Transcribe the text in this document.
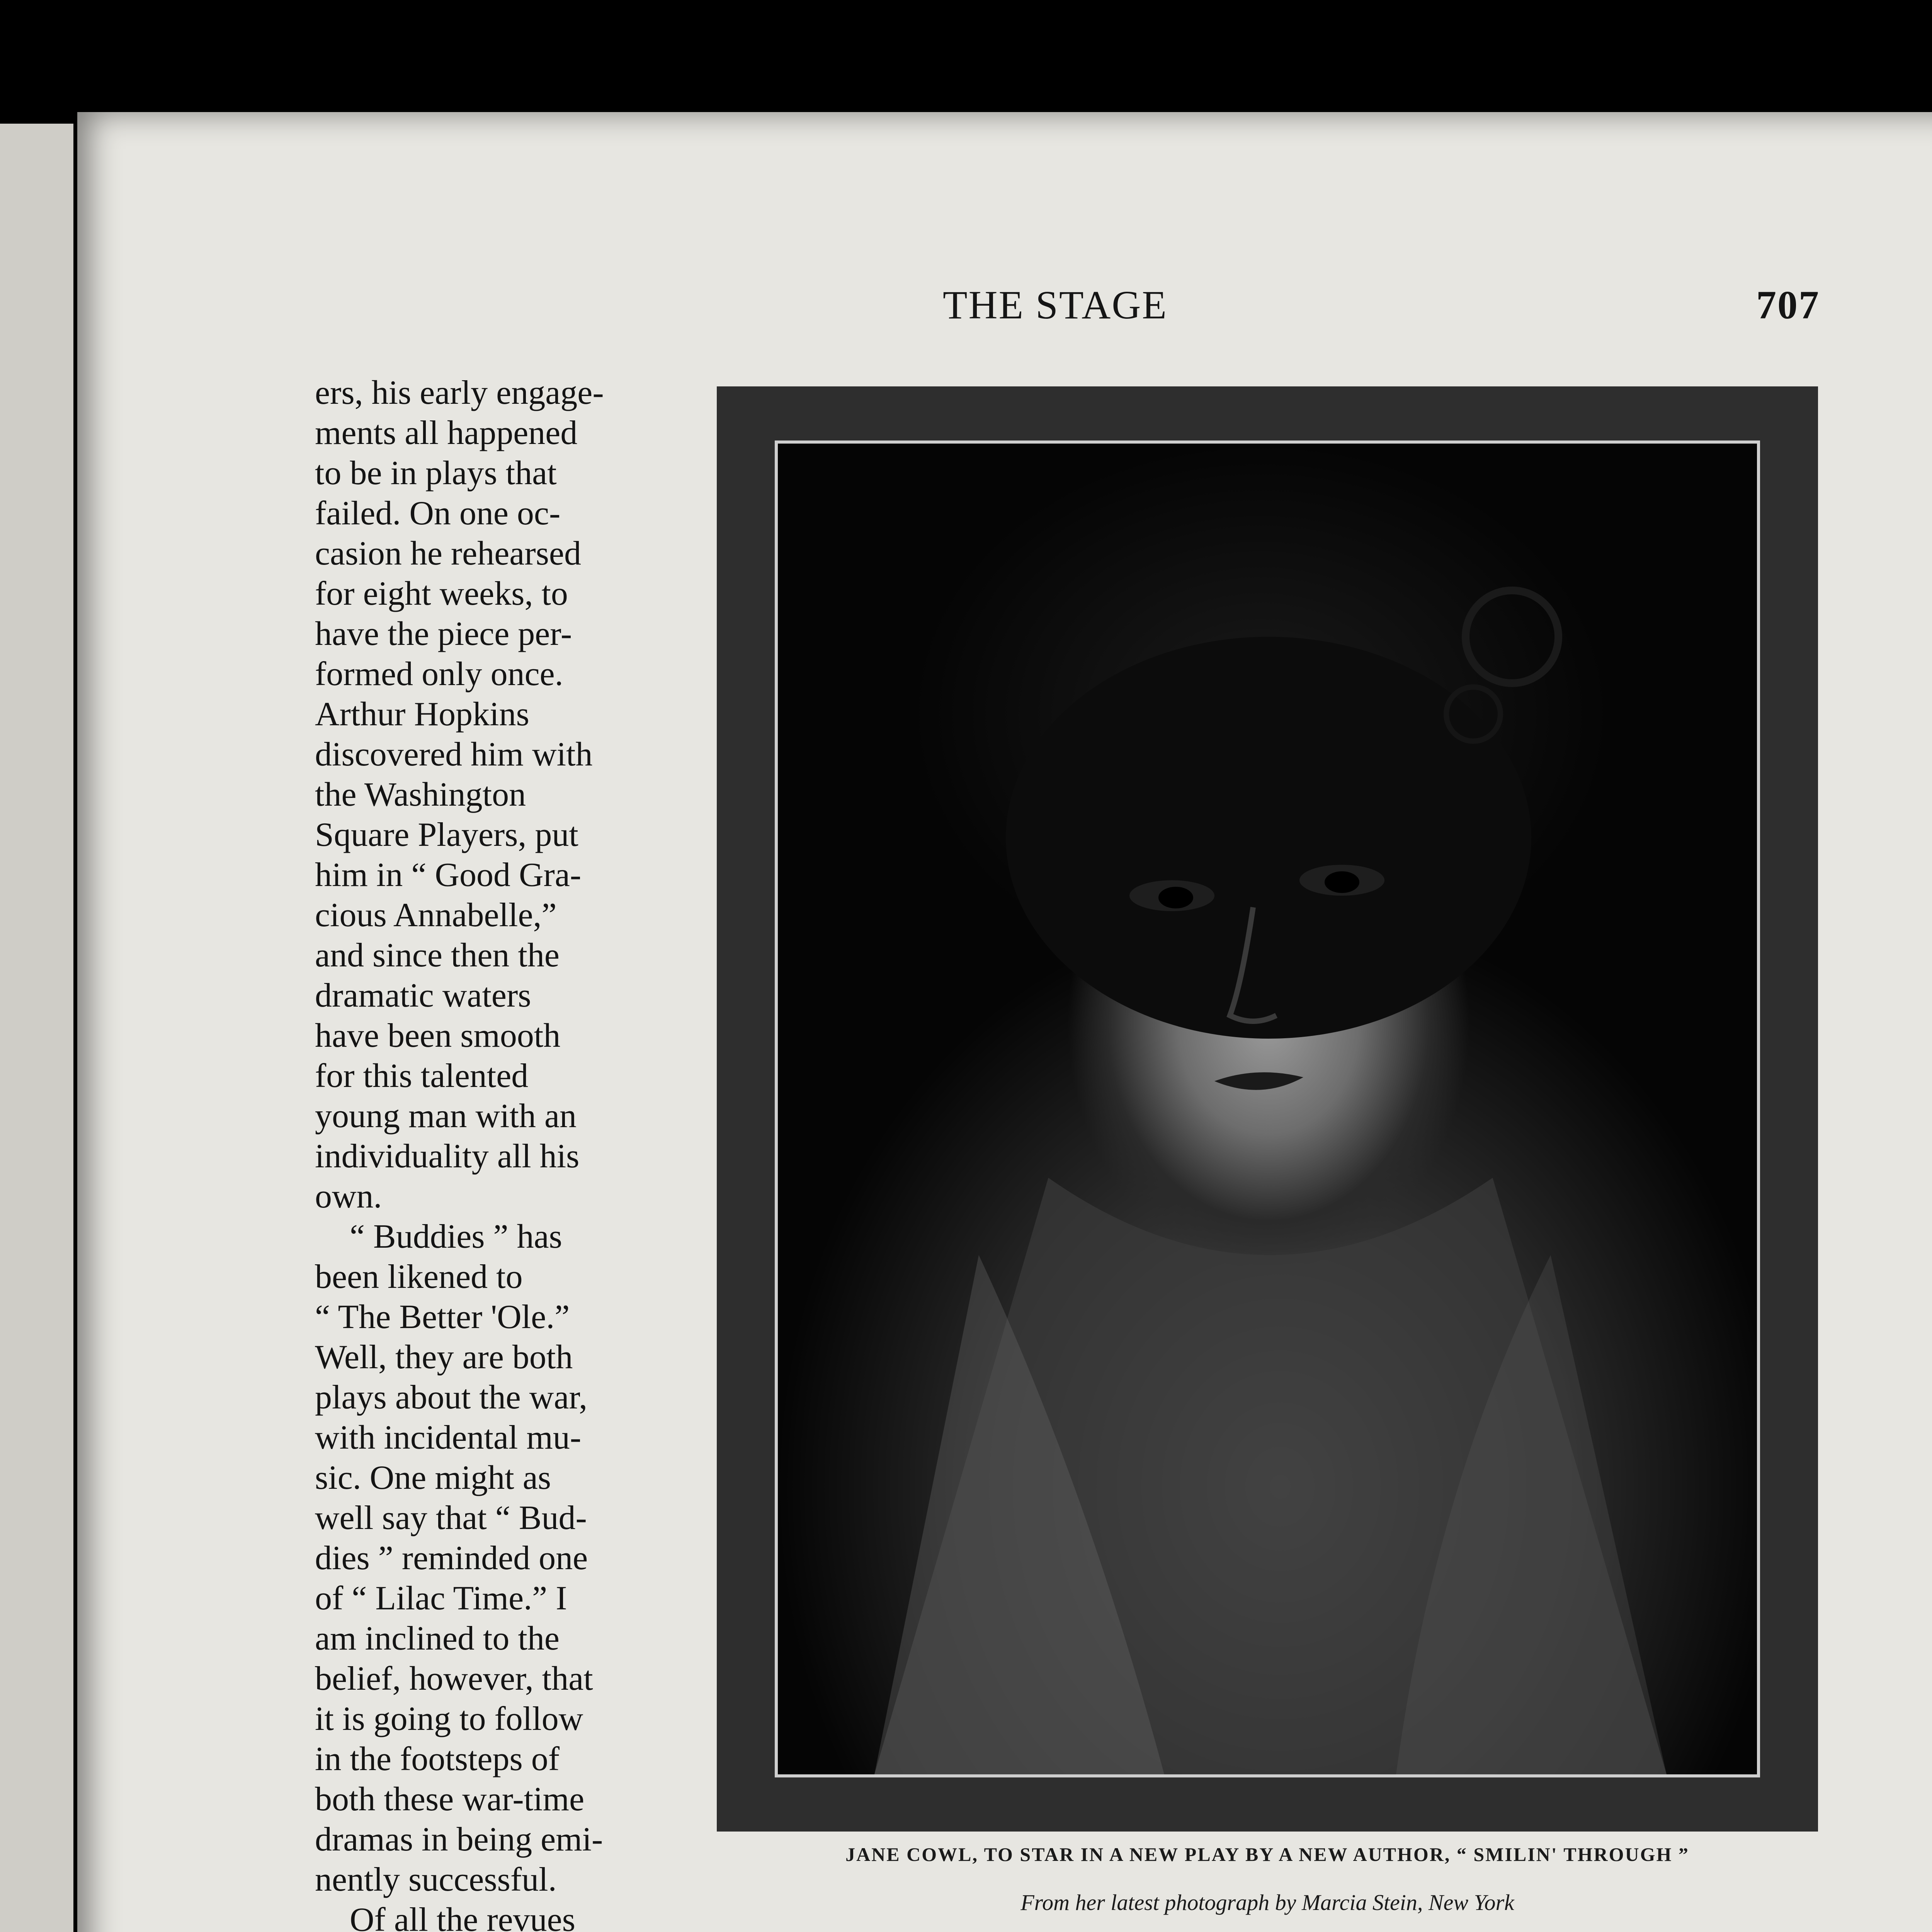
THE STAGE	707
ers, his early engage-
ments all happened
to be in plays that
failed. On one oc-
casion he rehearsed
for eight weeks, to
have the piece per-
formed only once.
Arthur Hopkins
discovered him with
the Washington
Square Players, put
him in “ Good Gra-
cious Annabelle,”
and since then the
dramatic waters
have been smooth
for this talented
young man with an
individuality all his
own.
“ Buddies ” has
been likened to
“ The Better 'Ole.”
Well, they are both
plays about the war,
with incidental mu-
sic. One might as
well say that “ Bud-
dies ” reminded one
of “ Lilac Time.” I
am inclined to the
belief, however, that
it is going to follow
in the footsteps of
both these war-time
dramas in being emi-
nently successful.
Of all the revues
JANE COWL, TO STAR IN A NEW PLAY BY A NEW AUTHOR, “ SMILIN' THROUGH ”
From her latest photograph by Marcia Stein, New York
